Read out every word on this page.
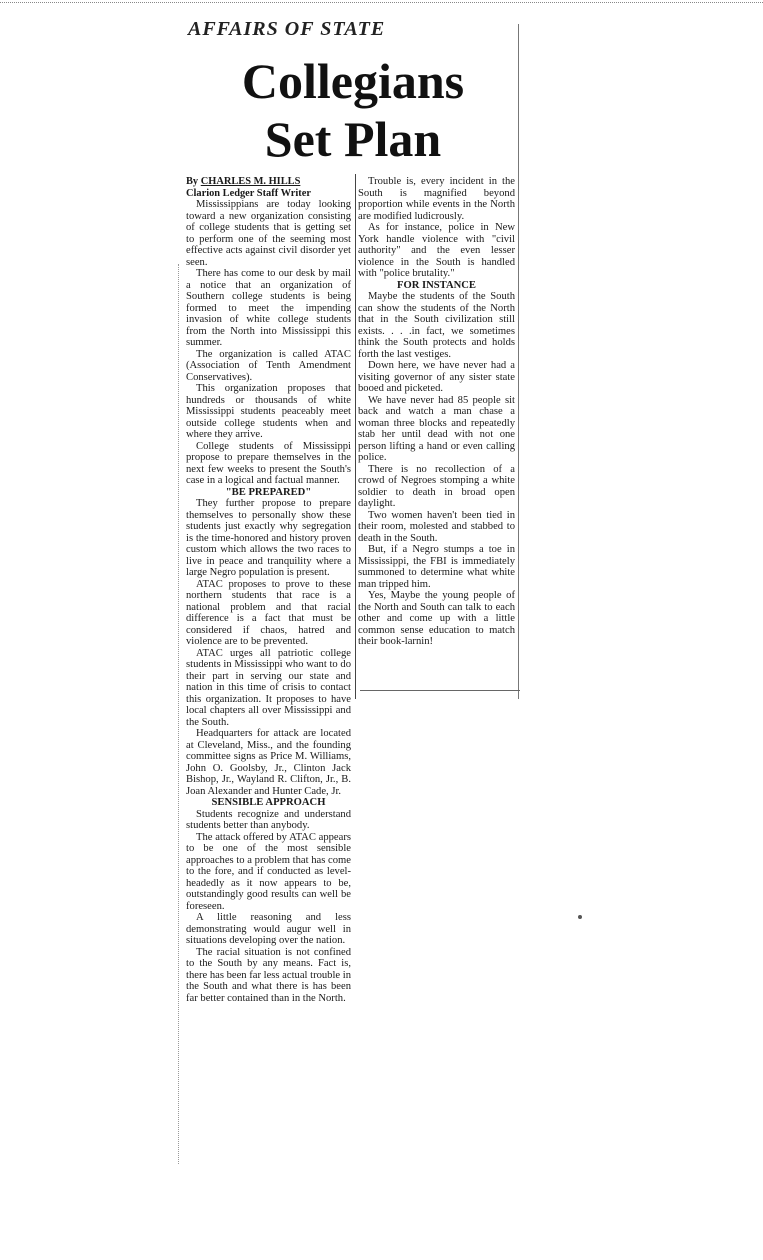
AFFAIRS OF STATE
Collegians
Set Plan
By CHARLES M. HILLS
Clarion Ledger Staff Writer

Mississippians are today looking toward a new organization consisting of college students that is getting set to perform one of the seeming most effective acts against civil disorder yet seen.

There has come to our desk by mail a notice that an organization of Southern college students is being formed to meet the impending invasion of white college students from the North into Mississippi this summer.

The organization is called ATAC (Association of Tenth Amendment Conservatives).

This organization proposes that hundreds or thousands of white Mississippi students peaceably meet outside college students when and where they arrive.

College students of Mississippi propose to prepare themselves in the next few weeks to present the South's case in a logical and factual manner.

"BE PREPARED"

They further propose to prepare themselves to personally show these students just exactly why segregation is the time-honored and history proven custom which allows the two races to live in peace and tranquility where a large Negro population is present.

ATAC proposes to prove to these northern students that race is a national problem and that racial difference is a fact that must be considered if chaos, hatred and violence are to be prevented.

ATAC urges all patriotic college students in Mississippi who want to do their part in serving our state and nation in this time of crisis to contact this organization. It proposes to have local chapters all over Mississippi and the South.

Headquarters for attack are located at Cleveland, Miss., and the founding committee signs as Price M. Williams, John O. Goolsby, Jr., Clinton Jack Bishop, Jr., Wayland R. Clifton, Jr., B. Joan Alexander and Hunter Cade, Jr.

SENSIBLE APPROACH

Students recognize and understand students better than anybody.

The attack offered by ATAC appears to be one of the most sensible approaches to a problem that has come to the fore, and if conducted as level-headedly as it now appears to be, outstandingly good results can well be foreseen.

A little reasoning and less demonstrating would augur well in situations developing over the nation.

The racial situation is not confined to the South by any means. Fact is, there has been far less actual trouble in the South and what there is has been far better contained than in the North.

Trouble is, every incident in the South is magnified beyond proportion while events in the North are modified ludicrously.

As for instance, police in New York handle violence with "civil authority" and the even lesser violence in the South is handled with "police brutality."

FOR INSTANCE

Maybe the students of the South can show the students of the North that in the South civilization still exists. . . .in fact, we sometimes think the South protects and holds forth the last vestiges.

Down here, we have never had a visiting governor of any sister state booed and picketed.

We have never had 85 people sit back and watch a man chase a woman three blocks and repeatedly stab her until dead with not one person lifting a hand or even calling police.

There is no recollection of a crowd of Negroes stomping a white soldier to death in broad open daylight.

Two women haven't been tied in their room, molested and stabbed to death in the South.

But, if a Negro stumps a toe in Mississippi, the FBI is immediately summoned to determine what white man tripped him.

Yes, Maybe the young people of the North and South can talk to each other and come up with a little common sense education to match their book-larnin!
